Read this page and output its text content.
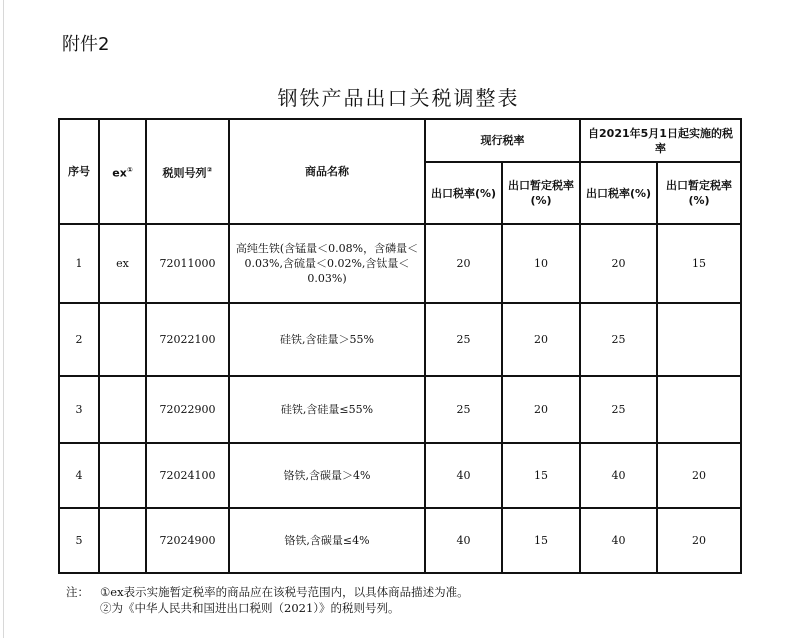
附件2
钢铁产品出口关税调整表
序号	ex①	税则号列②	商品名称	现行税率		自2021年5月1日起实施的税率	
				出口税率(%)	出口暂定税率(%)	出口税率(%)	出口暂定税率(%)
1	ex	72011000	高纯生铁(含锰量＜0.08%，含磷量＜0.03%,含硫量＜0.02%,含钛量＜0.03%)	20	10	20	15
2		72022100	硅铁,含硅量＞55%	25	20	25	
3		72022900	硅铁,含硅量≤55%	25	20	25	
4		72024100	铬铁,含碳量＞4%	40	15	40	20
5		72024900	铬铁,含碳量≤4%	40	15	40	20
注： ①ex表示实施暂定税率的商品应在该税号范围内，以具体商品描述为准。
②为《中华人民共和国进出口税则（2021）》的税则号列。
